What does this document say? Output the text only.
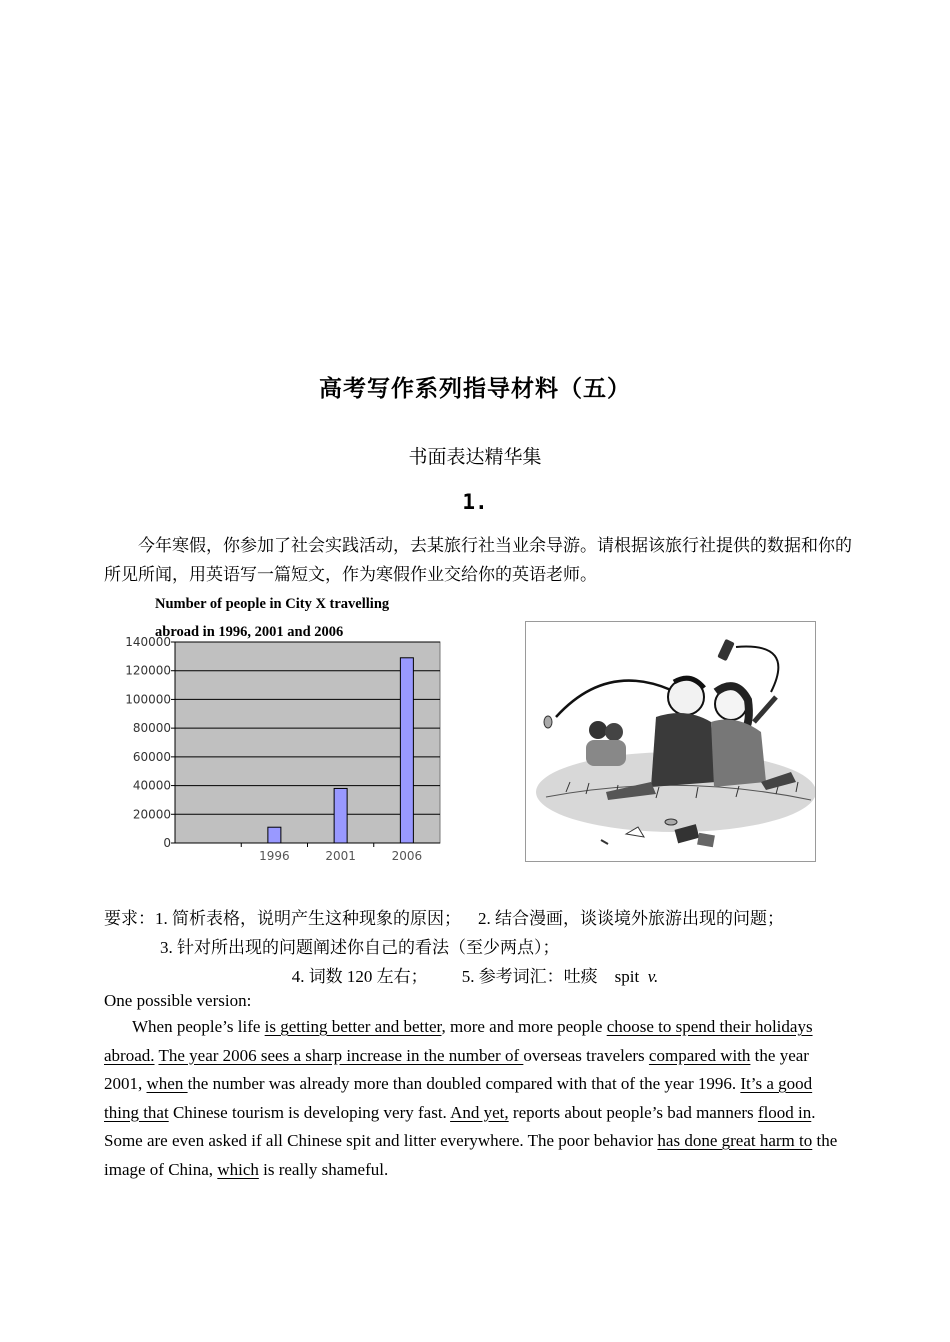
高考写作系列指导材料（五）
书面表达精华集
1.
今年寒假，你参加了社会实践活动，去某旅行社当业余导游。请根据该旅行社提供的数据和你的所见所闻，用英语写一篇短文，作为寒假作业交给你的英语老师。
Number of people in City X travelling
abroad in 1996, 2001 and 2006
0
20000
40000
60000
80000
100000
120000
140000
1996	2001	2006
要求：1. 简析表格，说明产生这种现象的原因；    2. 结合漫画，谈谈境外旅游出现的问题；
3. 针对所出现的问题阐述你自己的看法（至少两点）；
4. 词数 120 左右； 5. 参考词汇：吐痰    spit  v.
One possible version:
When people’s life is getting better and better, more and more people choose to spend their holidays abroad. The year 2006 sees a sharp increase in the number of overseas travelers compared with the year 2001, when the number was already more than doubled compared with that of the year 1996. It’s a good thing that Chinese tourism is developing very fast. And yet, reports about people’s bad manners flood in. Some are even asked if all Chinese spit and litter everywhere. The poor behavior has done great harm to the image of China, which is really shameful.
